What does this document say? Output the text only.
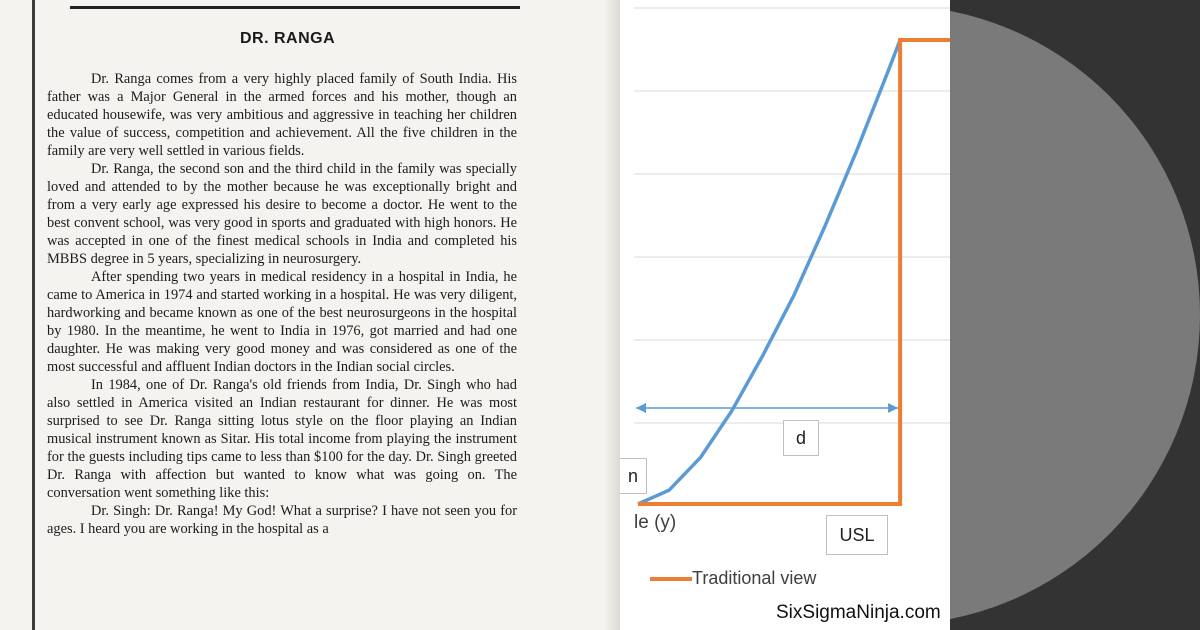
DR. RANGA

Dr. Ranga comes from a very highly placed family of South India. His father was a Major General in the armed forces and his mother, though an educated housewife, was very ambitious and aggressive in teaching her children the value of success, competition and achievement. All the five children in the family are very well settled in various fields.

Dr. Ranga, the second son and the third child in the family was specially loved and attended to by the mother because he was exceptionally bright and from a very early age expressed his desire to become a doctor. He went to the best convent school, was very good in sports and graduated with high honors. He was accepted in one of the finest medical schools in India and completed his MBBS degree in 5 years, specializing in neurosurgery.

After spending two years in medical residency in a hospital in India, he came to America in 1974 and started working in a hospital. He was very diligent, hardworking and became known as one of the best neurosurgeons in the hospital by 1980. In the meantime, he went to India in 1976, got married and had one daughter. He was making very good money and was considered as one of the most successful and affluent Indian doctors in the Indian social circles.

In 1984, one of Dr. Ranga's old friends from India, Dr. Singh who had also settled in America visited an Indian restaurant for dinner. He was most surprised to see Dr. Ranga sitting lotus style on the floor playing an Indian musical instrument known as Sitar. His total income from playing the instrument for the guests including tips came to less than $100 for the day. Dr. Singh greeted Dr. Ranga with affection but wanted to know what was going on. The conversation went something like this:

Dr. Singh: Dr. Ranga! My God! What a surprise? I have not seen you for ages. I heard you are working in the hospital as a

n
d
le (y)
USL
Traditional view
SixSigmaNinja.com
